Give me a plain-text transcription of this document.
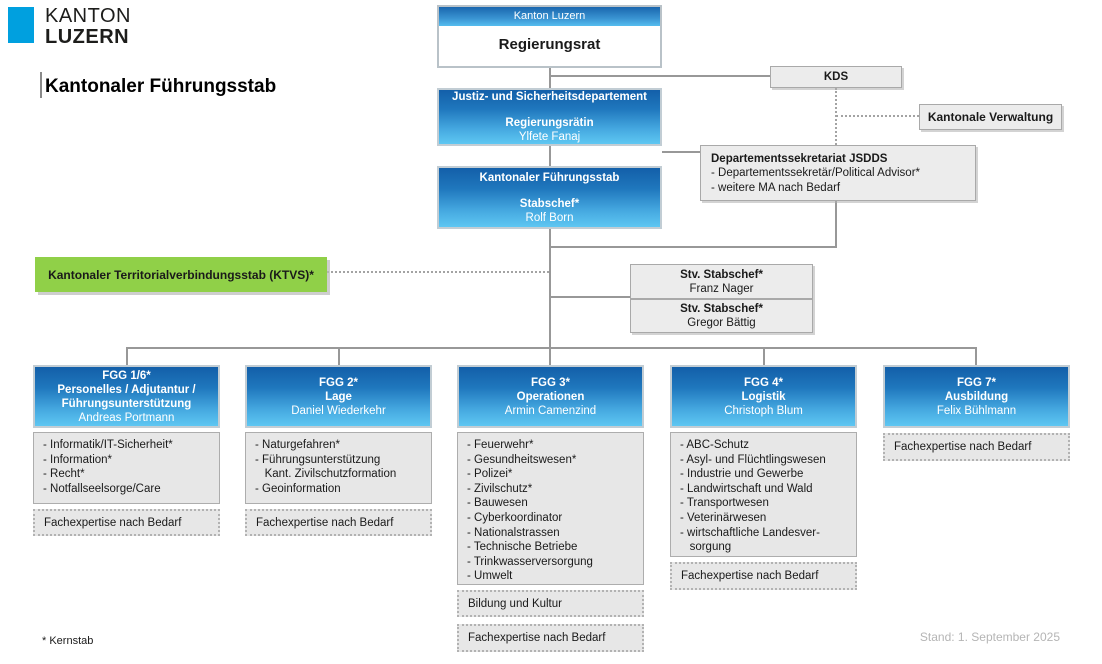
KANTON
LUZERN
Kantonaler Führungsstab
Kanton Luzern
Regierungsrat
KDS
Kantonale Verwaltung
Justiz- und Sicherheitsdepartement
Regierungsrätin
Ylfete Fanaj
Departementssekretariat JSDDS
- Departementssekretär/Political Advisor*
- weitere MA nach Bedarf
Kantonaler Führungsstab
Stabschef*
Rolf Born
Kantonaler Territorialverbindungsstab (KTVS)*	Stv. Stabschef*
Franz Nager
Stv. Stabschef*
Gregor Bättig
FGG 1/6*
Personelles / Adjutantur /
Führungsunterstützung
Andreas Portmann
- Informatik/IT-Sicherheit*
- Information*
- Recht*
- Notfallseelsorge/Care
Fachexpertise nach Bedarf
FGG 2*
Lage
Daniel Wiederkehr
- Naturgefahren*
- Führungsunterstützung
Kant. Zivilschutzformation
- Geoinformation
Fachexpertise nach Bedarf
FGG 3*
Operationen
Armin Camenzind
- Feuerwehr*
- Gesundheitswesen*
- Polizei*
- Zivilschutz*
- Bauwesen
- Cyberkoordinator
- Nationalstrassen
- Technische Betriebe
- Trinkwasserversorgung
- Umwelt
Bildung und Kultur
Fachexpertise nach Bedarf
FGG 4*
Logistik
Christoph Blum
- ABC-Schutz
- Asyl- und Flüchtlingswesen
- Industrie und Gewerbe
- Landwirtschaft und Wald
- Transportwesen
- Veterinärwesen
- wirtschaftliche Landesver-
sorgung
Fachexpertise nach Bedarf
FGG 7*
Ausbildung
Felix Bühlmann
Fachexpertise nach Bedarf
* Kernstab	Stand: 1. September 2025
